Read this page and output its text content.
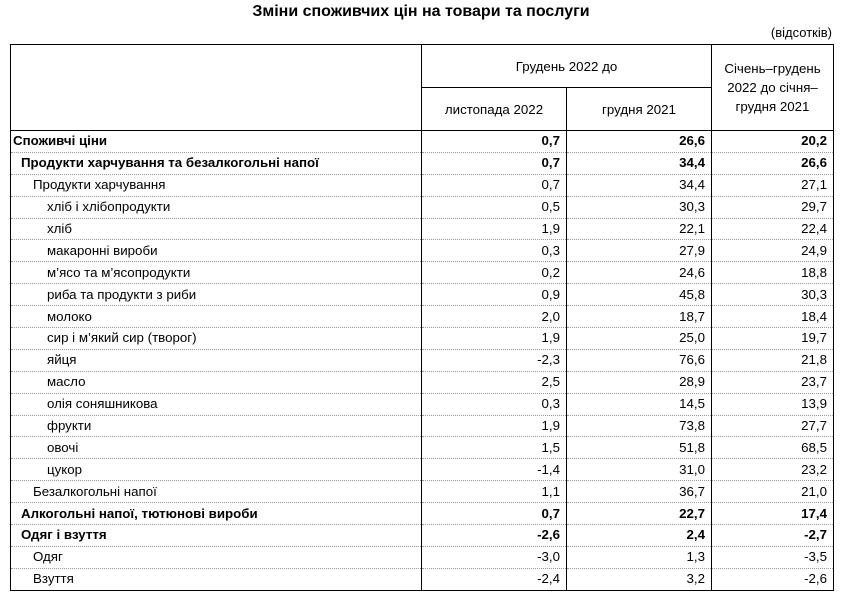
Зміни споживчих цін на товари та послуги
(відсотків)
	Грудень 2022 до		Січень–грудень 2022 до січня–грудня 2021
	листопада 2022	грудня 2021	
Споживчі ціни	0,7	26,6	20,2
Продукти харчування та безалкогольні напої	0,7	34,4	26,6
Продукти харчування	0,7	34,4	27,1
хліб і хлібопродукти	0,5	30,3	29,7
хліб	1,9	22,1	22,4
макаронні вироби	0,3	27,9	24,9
м’ясо та м’ясопродукти	0,2	24,6	18,8
риба та продукти з риби	0,9	45,8	30,3
молоко	2,0	18,7	18,4
сир і м’який сир (творог)	1,9	25,0	19,7
яйця	-2,3	76,6	21,8
масло	2,5	28,9	23,7
олія соняшникова	0,3	14,5	13,9
фрукти	1,9	73,8	27,7
овочі	1,5	51,8	68,5
цукор	-1,4	31,0	23,2
Безалкогольні напої	1,1	36,7	21,0
Алкогольні напої, тютюнові вироби	0,7	22,7	17,4
Одяг і взуття	-2,6	2,4	-2,7
Одяг	-3,0	1,3	-3,5
Взуття	-2,4	3,2	-2,6
